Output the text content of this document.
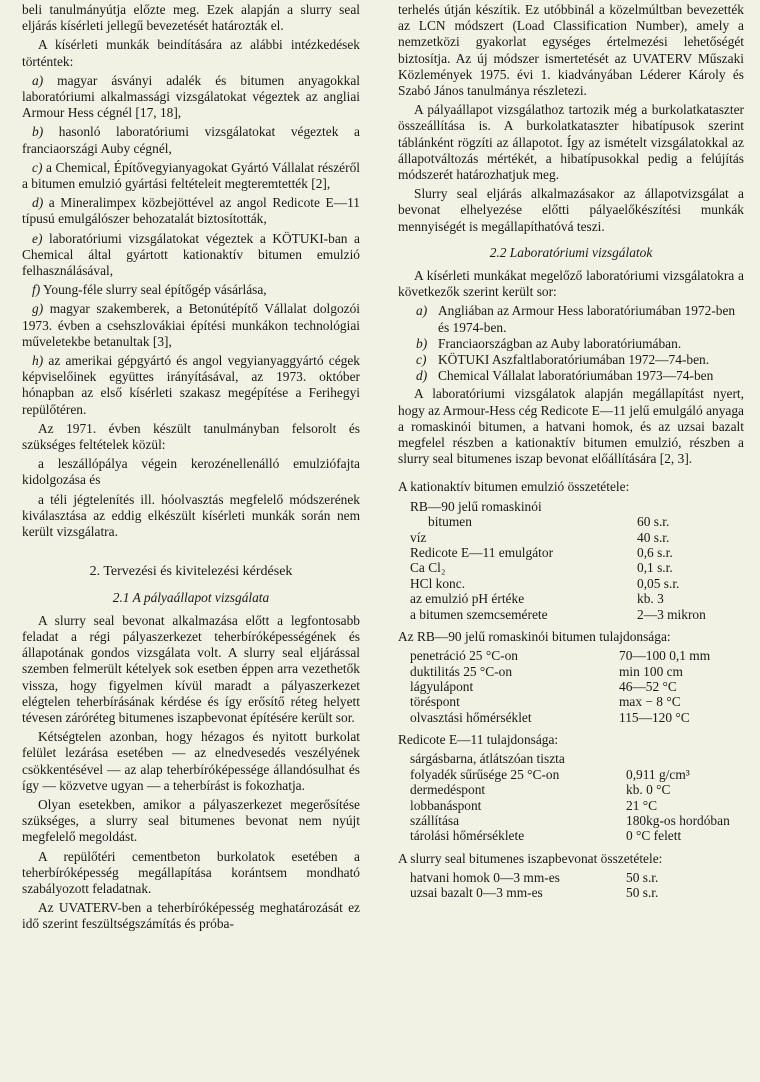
beli tanulmányútja előzte meg. Ezek alapján a slurry seal eljárás kísérleti jellegű bevezetését határozták el.

A kísérleti munkák beindítására az alábbi intézkedések történtek:

a) magyar ásványi adalék és bitumen anyagokkal laboratóriumi alkalmassági vizsgálatokat végeztek az angliai Armour Hess cégnél [17, 18],

b) hasonló laboratóriumi vizsgálatokat végeztek a franciaországi Auby cégnél,

c) a Chemical, Építővegyianyagokat Gyártó Vállalat részéről a bitumen emulzió gyártási feltételeit megteremtették [2],

d) a Mineralimpex közbejöttével az angol Redicote E—11 típusú emulgálószer behozatalát biztosították,

e) laboratóriumi vizsgálatokat végeztek a KÖTUKI-ban a Chemical által gyártott kationaktív bitumen emulzió felhasználásával,

f) Young-féle slurry seal építőgép vásárlása,

g) magyar szakemberek, a Betonútépítő Vállalat dolgozói 1973. évben a csehszlovákiai építési munkákon technológiai műveletekbe betanultak [3],

h) az amerikai gépgyártó és angol vegyianyaggyártó cégek képviselőinek együttes irányításával, az 1973. október hónapban az első kísérleti szakasz megépítése a Ferihegyi repülőtéren.

Az 1971. évben készült tanulmányban felsorolt és szükséges feltételek közül:

a leszállópálya végein kerozénellenálló emulziófajta kidolgozása és

a téli jégtelenítés ill. hóolvasztás megfelelő módszerének kiválasztása az eddig elkészült kísérleti munkák során nem került vizsgálatra.

2. Tervezési és kivitelezési kérdések
2.1 A pályaállapot vizsgálata

A slurry seal bevonat alkalmazása előtt a legfontosabb feladat a régi pályaszerkezet teherbíróképességének és állapotának gondos vizsgálata volt. A slurry seal eljárással szemben felmerült kételyek sok esetben éppen arra vezethetők vissza, hogy figyelmen kívül maradt a pályaszerkezet elégtelen teherbírásának kérdése és így erősítő réteg helyett tévesen záróréteg bitumenes iszapbevonat építésére került sor.

Kétségtelen azonban, hogy hézagos és nyitott burkolat felület lezárása esetében — az elnedvesedés veszélyének csökkentésével — az alap teherbíróképessége állandósulhat és így — közvetve ugyan — a teherbírást is fokozhatja.

Olyan esetekben, amikor a pályaszerkezet megerősítése szükséges, a slurry seal bitumenes bevonat nem nyújt megfelelő megoldást.

A repülőtéri cementbeton burkolatok esetében a teherbíróképesség megállapítása korántsem mondható szabályozott feladatnak.

Az UVATERV-ben a teherbíróképesség meghatározását ez idő szerint feszültségszámítás és próba-

terhelés útján készítik. Ez utóbbinál a közelmúltban bevezették az LCN módszert (Load Classification Number), amely a nemzetközi gyakorlat egységes értelmezési lehetőségét biztosítja. Az új módszer ismertetését az UVATERV Műszaki Közlemények 1975. évi 1. kiadványában Léderer Károly és Szabó János tanulmánya részletezi.

A pályaállapot vizsgálathoz tartozik még a burkolatkataszter összeállítása is. A burkolatkataszter hibatípusok szerint táblánként rögzíti az állapotot. Így az ismételt vizsgálatokkal az állapotváltozás mértékét, a hibatípusokkal pedig a felújítás módszerét határozhatjuk meg.

Slurry seal eljárás alkalmazásakor az állapotvizsgálat a bevonat elhelyezése előtti pályaelőkészítési munkák mennyiségét is megállapíthatóvá teszi.

2.2 Laboratóriumi vizsgálatok

A kísérleti munkákat megelőző laboratóriumi vizsgálatokra a következők szerint került sor:

a) Angliában az Armour Hess laboratóriumában 1972-ben és 1974-ben.
b) Franciaországban az Auby laboratóriumában.
c) KÖTUKI Aszfaltlaboratóriumában 1972—74-ben.
d) Chemical Vállalat laboratóriumában 1973—74-ben

A laboratóriumi vizsgálatok alapján megállapítást nyert, hogy az Armour-Hess cég Redicote E—11 jelű emulgáló anyaga a romaskinói bitumen, a hatvani homok, és az uzsai bazalt megfelel részben a kationaktív bitumen emulzió, részben a slurry seal bitumenes iszap bevonat előállítására [2, 3].

A kationaktív bitumen emulzió összetétele:

RB—90 jelű romaskinói	
bitumen	60 s.r.
víz	40 s.r.
Redicote E—11 emulgátor	0,6 s.r.
Ca Cl₂	0,1 s.r.
HCl konc.	0,05 s.r.
az emulzió pH értéke	kb. 3
a bitumen szemcsemérete	2—3 mikron

Az RB—90 jelű romaskinói bitumen tulajdonsága:

penetráció 25 °C-on	70—100 0,1 mm
duktilitás 25 °C-on	min 100 cm
lágyulápont	46—52 °C
töréspont	max − 8 °C
olvasztási hőmérséklet	115—120 °C

Redicote E—11 tulajdonsága:

sárgásbarna, átlátszóan tiszta	
folyadék sűrűsége 25 °C-on	0,911 g/cm³
dermedéspont	kb. 0 °C
lobbanáspont	21 °C
szállítása	180kg-os hordóban
tárolási hőmérséklete	0 °C felett

A slurry seal bitumenes iszapbevonat összetétele:

hatvani homok 0—3 mm-es	50 s.r.
uzsai bazalt 0—3 mm-es	50 s.r.
